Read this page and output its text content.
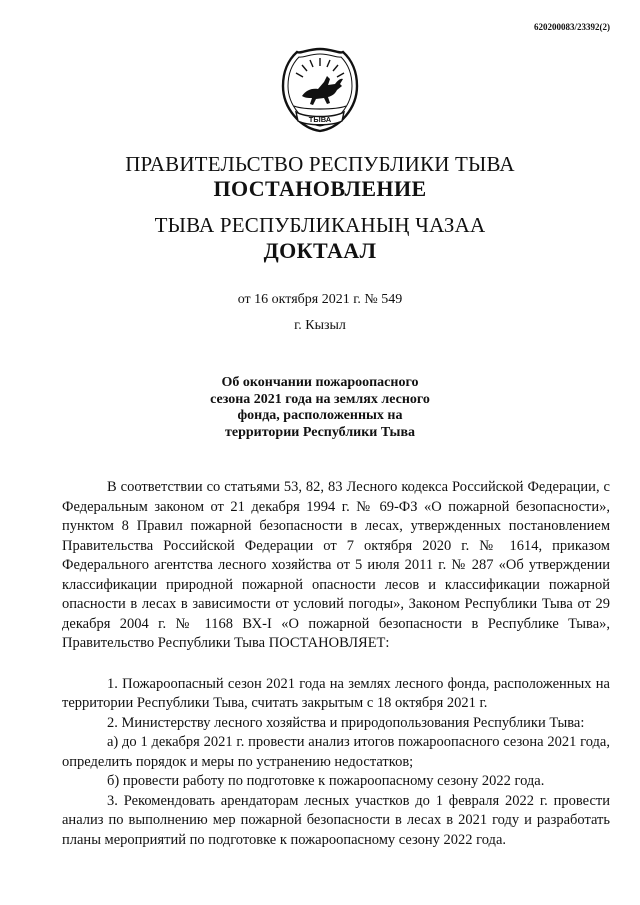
620200083/23392(2)
ТЫВА
ПРАВИТЕЛЬСТВО РЕСПУБЛИКИ ТЫВА
ПОСТАНОВЛЕНИЕ
ТЫВА РЕСПУБЛИКАНЫҢ ЧАЗАА
ДОКТААЛ
от 16 октября 2021 г. № 549
г. Кызыл
Об окончании пожароопасного
сезона 2021 года на землях лесного
фонда, расположенных на
территории Республики Тыва

В соответствии со статьями 53, 82, 83 Лесного кодекса Российской Федерации, с Федеральным законом от 21 декабря 1994 г. № 69-ФЗ «О пожарной безопасности», пунктом 8 Правил пожарной безопасности в лесах, утвержденных постановлением Правительства Российской Федерации от 7 октября 2020 г. № 1614, приказом Федерального агентства лесного хозяйства от 5 июля 2011 г. № 287 «Об утверждении классификации природной пожарной опасности лесов и классификации пожарной опасности в лесах в зависимости от условий погоды», Законом Республики Тыва от 29 декабря 2004 г. № 1168 ВХ-I «О пожарной безопасности в Республике Тыва», Правительство Республики Тыва ПОСТАНОВЛЯЕТ:

1. Пожароопасный сезон 2021 года на землях лесного фонда, расположенных на территории Республики Тыва, считать закрытым с 18 октября 2021 г.

2. Министерству лесного хозяйства и природопользования Республики Тыва:

а) до 1 декабря 2021 г. провести анализ итогов пожароопасного сезона 2021 года, определить порядок и меры по устранению недостатков;

б) провести работу по подготовке к пожароопасному сезону 2022 года.

3. Рекомендовать арендаторам лесных участков до 1 февраля 2022 г. провести анализ по выполнению мер пожарной безопасности в лесах в 2021 году и разработать планы мероприятий по подготовке к пожароопасному сезону 2022 года.
